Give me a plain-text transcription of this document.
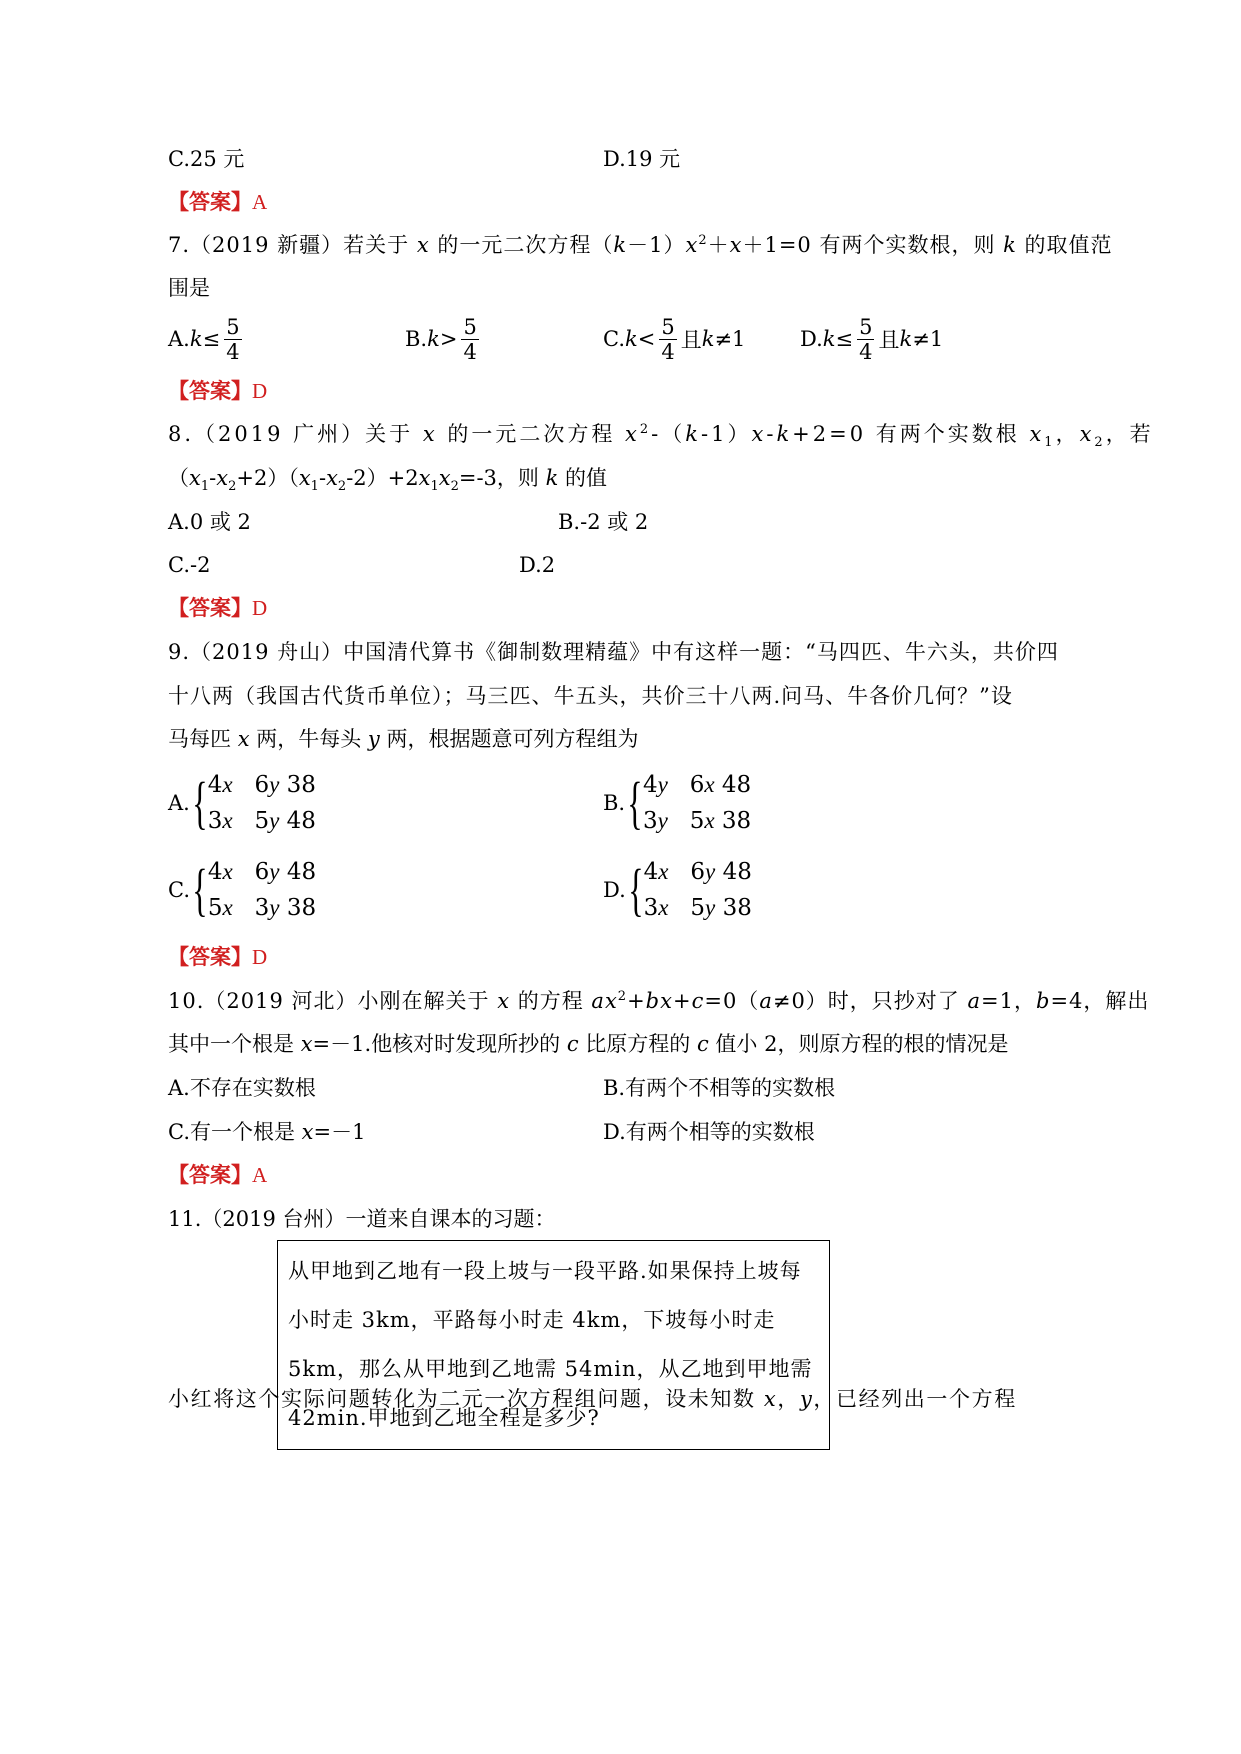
C.25 元	D.19 元
【答案】A
7.（2019 新疆）若关于 x 的一元二次方程$(k-1)x^2+x+1=0$ 有两个实数根，则 k 的取值范
围是
A. $k \le \frac{5}{4}$	B. $k > \frac{5}{4}$	C. $k < \frac{5}{4}$ 且 k ≠1	D. $k \le \frac{5}{4}$ 且 k ≠1
【答案】D
8.（2019 广州）关于 x 的一元二次方程 $x^2-(k-1)x-k+2=0$ 有两个实数根 $x_1$，$x_2$，若
$(x_1-x_2+2)(x_1-x_2-2)+2x_1x_2=-3$，则 k 的值
A.0 或 2	B.-2 或 2
C.-2	D.2
【答案】D
9.（2019 舟山）中国清代算书《御制数理精蕴》中有这样一题：“马四匹、牛六头，共价四
十八两（我国古代货币单位）；马三匹、牛五头，共价三十八两.问马、牛各价几何？”设
马每匹 x 两，牛每头 y 两，根据题意可列方程组为
A. { 4x 6y 38
3x 5y 48
B. { 4y 6x 48
3y 5x 38
C. { 4x 6y 48
5x 3y 38
D. { 4x 6y 48
3x 5y 38
【答案】D
10.（2019 河北）小刚在解关于 x 的方程 $ax^2+bx+c=0(a\ne 0)$时，只抄对了 a=1，b=4，解出
其中一个根是 x=－1.他核对时发现所抄的 c 比原方程的 c 值小 2，则原方程的根的情况是
A.不存在实数根	B.有两个不相等的实数根
C.有一个根是 x=－1	D.有两个相等的实数根
【答案】A
11.（2019 台州）一道来自课本的习题：
从甲地到乙地有一段上坡与一段平路.如果保持上坡每小时走 3km，平路每小时走 4km，下坡每小时走 5km，那么从甲地到乙地需 54min，从乙地到甲地需 42min.甲地到乙地全程是多少?
小红将这个实际问题转化为二元一次方程组问题，设未知数 x，y，已经列出一个方程
